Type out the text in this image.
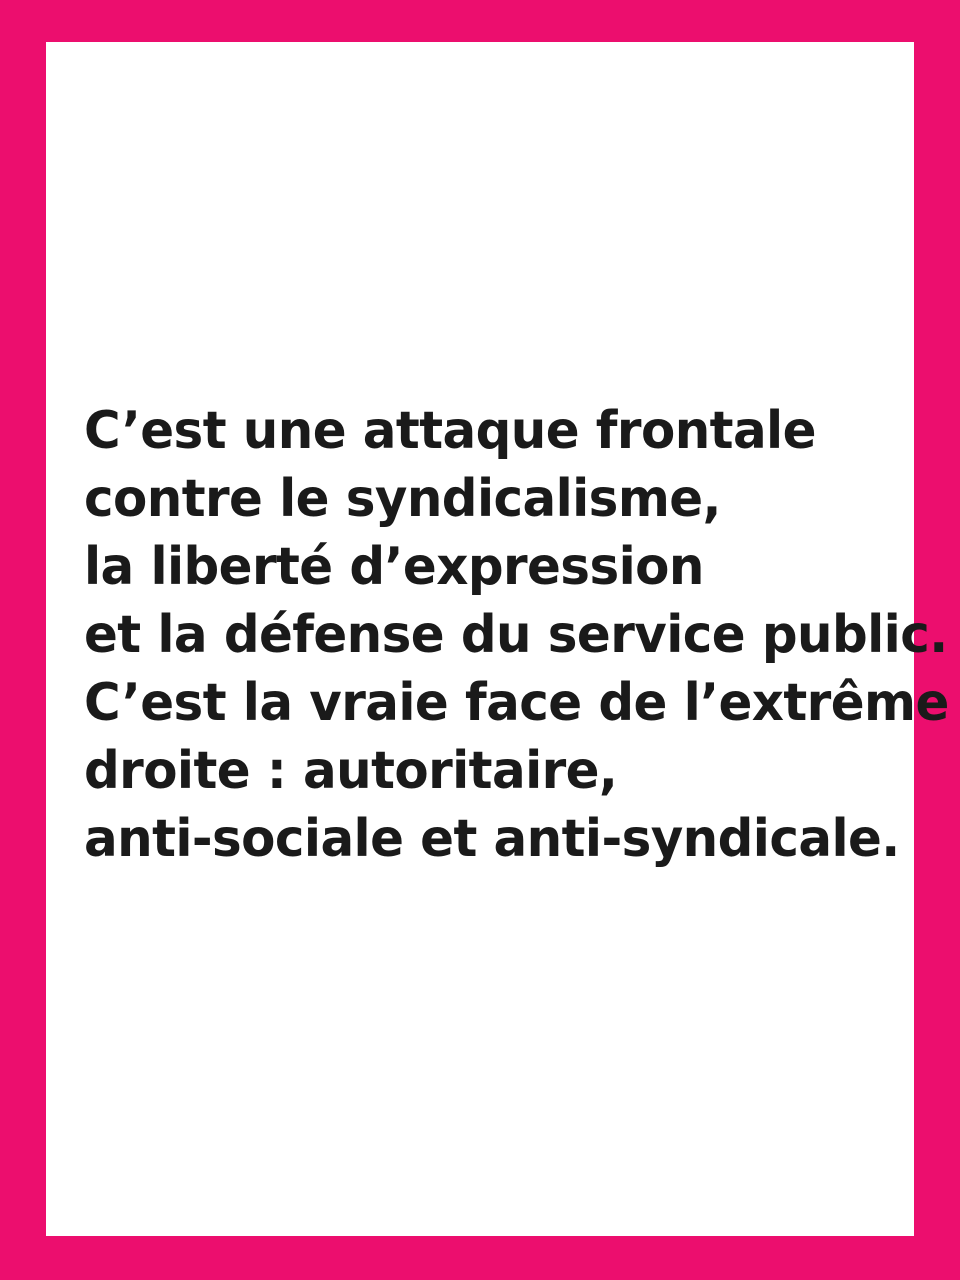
C’est une attaque frontale
contre le syndicalisme,
la liberté d’expression
et la défense du service public.
C’est la vraie face de l’extrême
droite : autoritaire,
anti-sociale et anti-syndicale.
